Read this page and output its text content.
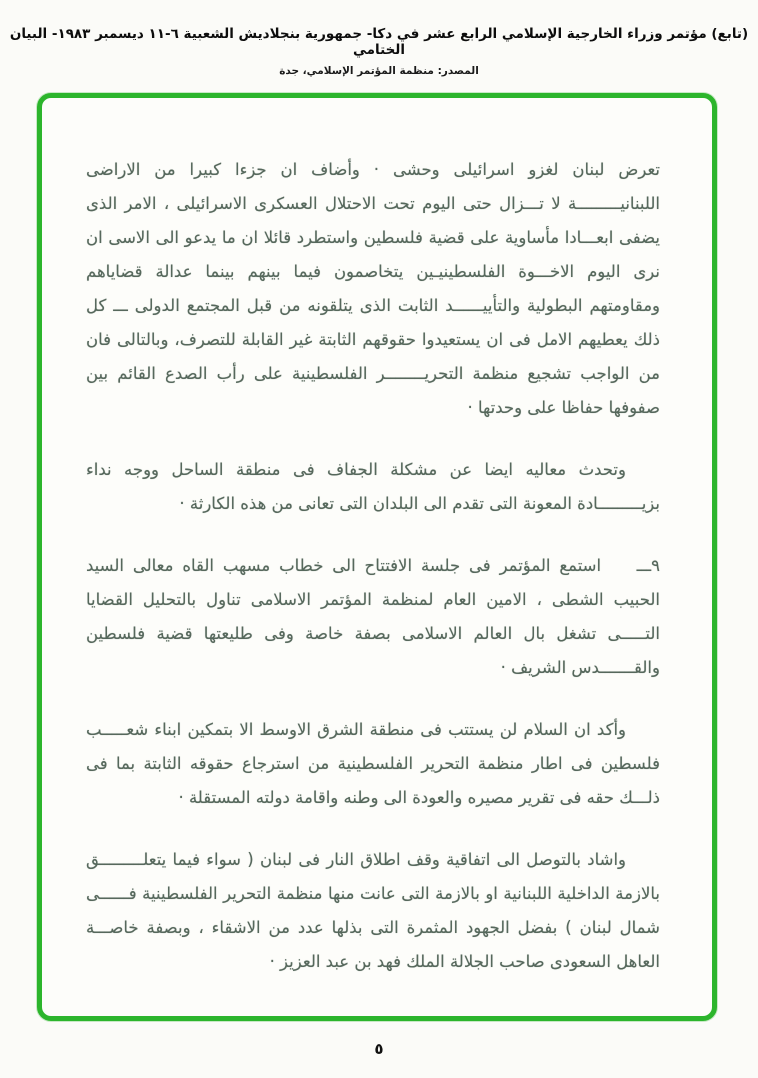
(تابع) مؤتمر وزراء الخارجية الإسلامي الرابع عشر في دكا- جمهورية بنجلاديش الشعبية ٦-١١ ديسمبر ١٩٨٣- البيان الختامي
المصدر: منظمة المؤتمر الإسلامي، جدة

تعرض لبنان لغزو اسرائيلى وحشى · وأضاف ان جزءا كبيرا من الاراضى اللبنانيـــــــــة لا تـــزال حتى اليوم تحت الاحتلال العسكرى الاسرائيلى ، الامر الذى يضفى ابعـــادا مأساوية على قضية فلسطين واستطرد قائلا ان ما يدعو الى الاسى ان نرى اليوم الاخـــوة الفلسطينيـين يتخاصمون فيما بينهم بينما عدالة قضاياهم ومقاومتهم البطولية والتأييــــــد الثابت الذى يتلقونه من قبل المجتمع الدولى ـــ كل ذلك يعطيهم الامل فى ان يستعيدوا حقوقهم الثابتة غير القابلة للتصرف، وبالتالى فان من الواجب تشجيع منظمة التحريــــــــر الفلسطينية على رأب الصدع القائم بين صفوفها حفاظا على وحدتها ·

وتحدث معاليه ايضا عن مشكلة الجفاف فى منطقة الساحل ووجه نداء بزيـــــــــادة المعونة التى تقدم الى البلدان التى تعانى من هذه الكارثة ·

٩ـــ    استمع المؤتمر فى جلسة الافتتاح الى خطاب مسهب القاه معالى السيد الحبيب الشطى ، الامين العام لمنظمة المؤتمر الاسلامى تناول بالتحليل القضايا التـــــى تشغل بال العالم الاسلامى بصفة خاصة وفى طليعتها قضية فلسطين والقـــــــدس الشريف ·

وأكد ان السلام لن يستتب فى منطقة الشرق الاوسط الا بتمكين ابناء شعـــــب فلسطين فى اطار منظمة التحرير الفلسطينية من استرجاع حقوقه الثابتة بما فى ذلـــك حقه فى تقرير مصيره والعودة الى وطنه واقامة دولته المستقلة ·

واشاد بالتوصل الى اتفاقية وقف اطلاق النار فى لبنان ( سواء فيما يتعلـــــــــق بالازمة الداخلية اللبنانية او بالازمة التى عانت منها منظمة التحرير الفلسطينية فــــــى شمال لبنان ) بفضل الجهود المثمرة التى بذلها عدد من الاشقاء ، وبصفة خاصـــة العاهل السعودى صاحب الجلالة الملك فهد بن عبد العزيز ·

٥
